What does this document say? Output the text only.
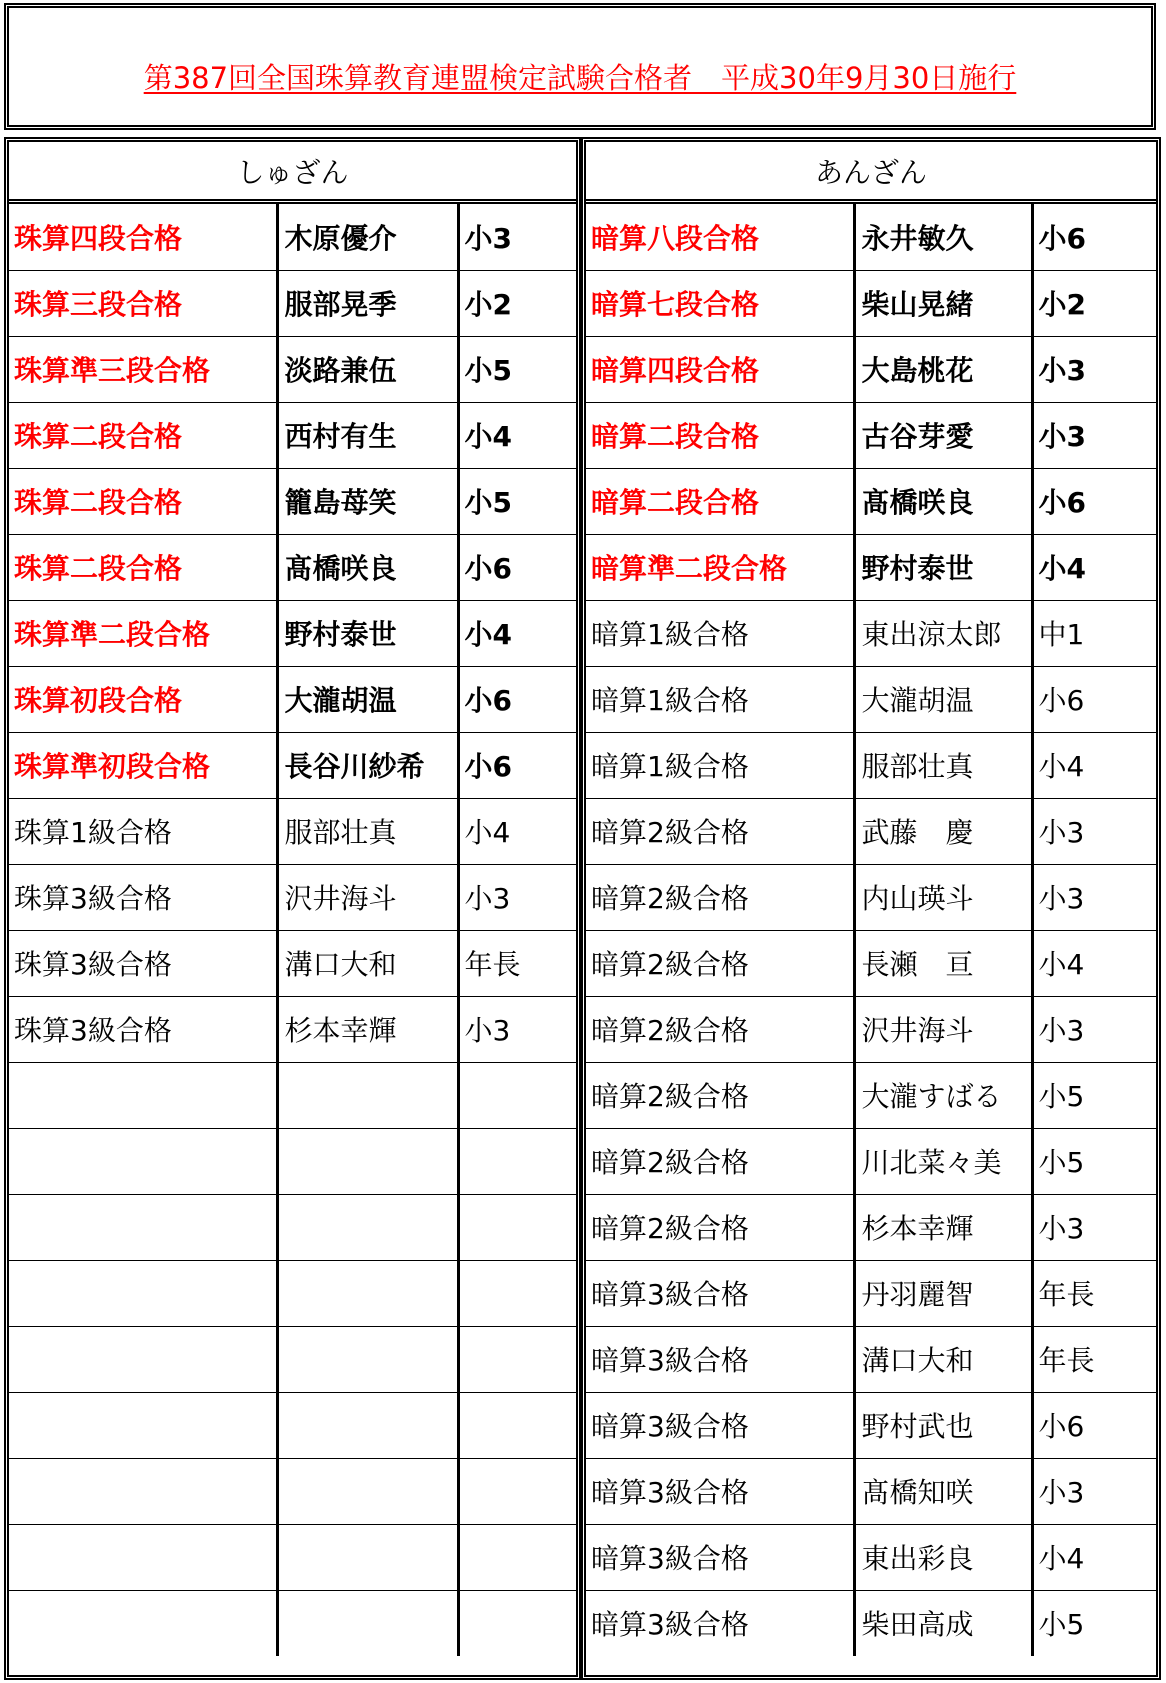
第387回全国珠算教育連盟検定試験合格者　平成30年9月30日施行
しゅざん
珠算四段合格	木原優介	小3
珠算三段合格	服部晃季	小2
珠算準三段合格	淡路兼伍	小5
珠算二段合格	西村有生	小4
珠算二段合格	籠島苺笑	小5
珠算二段合格	髙橋咲良	小6
珠算準二段合格	野村泰世	小4
珠算初段合格	大瀧胡温	小6
珠算準初段合格	長谷川紗希	小6
珠算1級合格	服部壮真	小4
珠算3級合格	沢井海斗	小3
珠算3級合格	溝口大和	年長
珠算3級合格	杉本幸輝	小3

あんざん
暗算八段合格	永井敏久	小6
暗算七段合格	柴山晃緒	小2
暗算四段合格	大島桃花	小3
暗算二段合格	古谷芽愛	小3
暗算二段合格	髙橋咲良	小6
暗算準二段合格	野村泰世	小4
暗算1級合格	東出涼太郎	中1
暗算1級合格	大瀧胡温	小6
暗算1級合格	服部壮真	小4
暗算2級合格	武藤　慶	小3
暗算2級合格	内山瑛斗	小3
暗算2級合格	長瀬　亘	小4
暗算2級合格	沢井海斗	小3
暗算2級合格	大瀧すばる	小5
暗算2級合格	川北菜々美	小5
暗算2級合格	杉本幸輝	小3
暗算3級合格	丹羽麗智	年長
暗算3級合格	溝口大和	年長
暗算3級合格	野村武也	小6
暗算3級合格	髙橋知咲	小3
暗算3級合格	東出彩良	小4
暗算3級合格	柴田高成	小5
